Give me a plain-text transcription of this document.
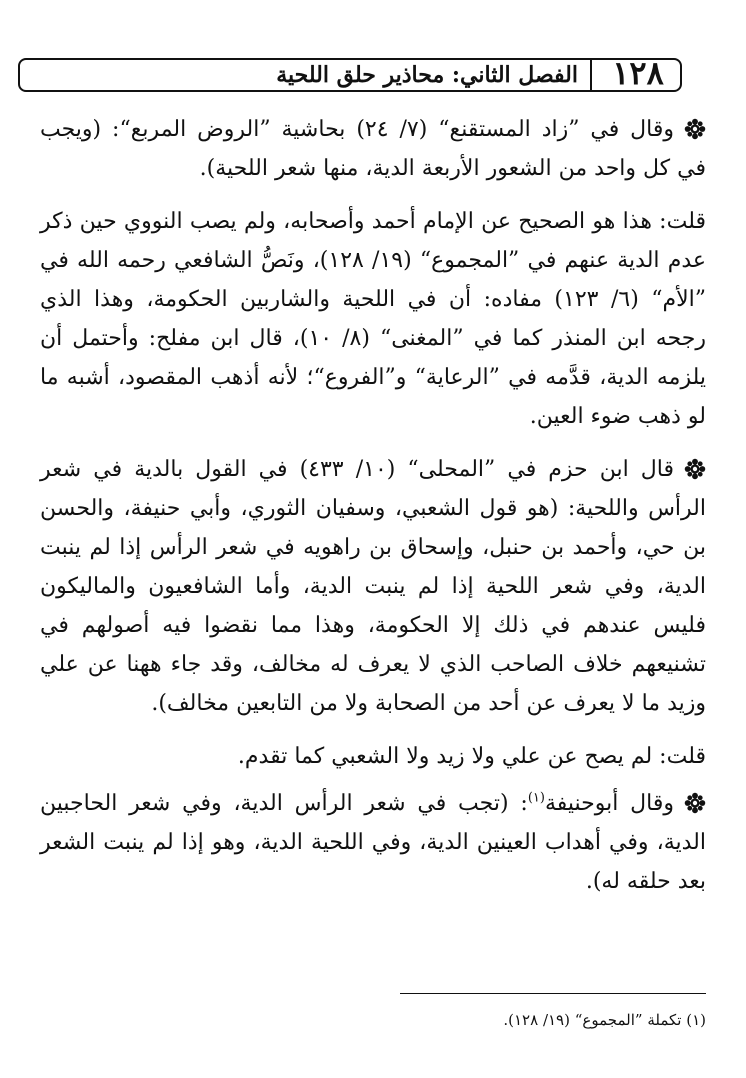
الفصل الثاني: محاذير حلق اللحية	١٢٨

وقال في ”زاد المستقنع“ (٧/ ٢٤) بحاشية ”الروض المربع“: (ويجب في كل واحد من الشعور الأربعة الدية، منها شعر اللحية).

قلت: هذا هو الصحيح عن الإمام أحمد وأصحابه، ولم يصب النووي حين ذكر عدم الدية عنهم في ”المجموع“ (١٩/ ١٢٨)، ونَصُّ الشافعي رحمه الله في ”الأم“ (٦/ ١٢٣) مفاده: أن في اللحية والشاربين الحكومة، وهذا الذي رجحه ابن المنذر كما في ”المغنى“ (٨/ ١٠)، قال ابن مفلح: وأحتمل أن يلزمه الدية، قدَّمه في ”الرعاية“ و”الفروع“؛ لأنه أذهب المقصود، أشبه ما لو ذهب ضوء العين.

قال ابن حزم في ”المحلى“ (١٠/ ٤٣٣) في القول بالدية في شعر الرأس واللحية: (هو قول الشعبي، وسفيان الثوري، وأبي حنيفة، والحسن بن حي، وأحمد بن حنبل، وإسحاق بن راهويه في شعر الرأس إذا لم ينبت الدية، وفي شعر اللحية إذا لم ينبت الدية، وأما الشافعيون والماليكون فليس عندهم في ذلك إلا الحكومة، وهذا مما نقضوا فيه أصولهم في تشنيعهم خلاف الصاحب الذي لا يعرف له مخالف، وقد جاء ههنا عن علي وزيد ما لا يعرف عن أحد من الصحابة ولا من التابعين مخالف).

قلت: لم يصح عن علي ولا زيد ولا الشعبي كما تقدم.

وقال أبوحنيفة$^{(١)}$: (تجب في شعر الرأس الدية، وفي شعر الحاجبين الدية، وفي أهداب العينين الدية، وفي اللحية الدية، وهو إذا لم ينبت الشعر بعد حلقه له).

(١) تكملة ”المجموع“ (١٩/ ١٢٨).
